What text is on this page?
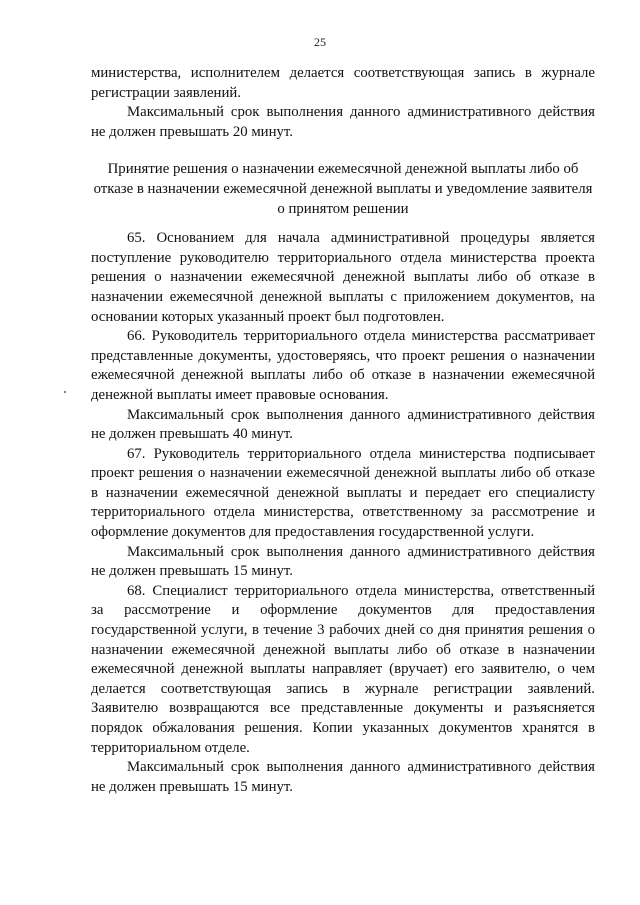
25

министерства, исполнителем делается соответствующая запись в журнале регистрации заявлений.

Максимальный срок выполнения данного административного действия не должен превышать 20 минут.

Принятие решения о назначении ежемесячной денежной выплаты либо об отказе в назначении ежемесячной денежной выплаты и уведомление заявителя о принятом решении

65. Основанием для начала административной процедуры является поступление руководителю территориального отдела министерства проекта решения о назначении ежемесячной денежной выплаты либо об отказе в назначении ежемесячной денежной выплаты с приложением документов, на основании которых указанный проект был подготовлен.

66. Руководитель территориального отдела министерства рассматривает представленные документы, удостоверяясь, что проект решения о назначении ежемесячной денежной выплаты либо об отказе в назначении ежемесячной денежной выплаты имеет правовые основания.

Максимальный срок выполнения данного административного действия не должен превышать 40 минут.

67. Руководитель территориального отдела министерства подписывает проект решения о назначении ежемесячной денежной выплаты либо об отказе в назначении ежемесячной денежной выплаты и передает его специалисту территориального отдела министерства, ответственному за рассмотрение и оформление документов для предоставления государственной услуги.

Максимальный срок выполнения данного административного действия не должен превышать 15 минут.

68. Специалист территориального отдела министерства, ответственный за рассмотрение и оформление документов для предоставления государственной услуги, в течение 3 рабочих дней со дня принятия решения о назначении ежемесячной денежной выплаты либо об отказе в назначении ежемесячной денежной выплаты направляет (вручает) его заявителю, о чем делается соответствующая запись в журнале регистрации заявлений. Заявителю возвращаются все представленные документы и разъясняется порядок обжалования решения. Копии указанных документов хранятся в территориальном отделе.

Максимальный срок выполнения данного административного действия не должен превышать 15 минут.
